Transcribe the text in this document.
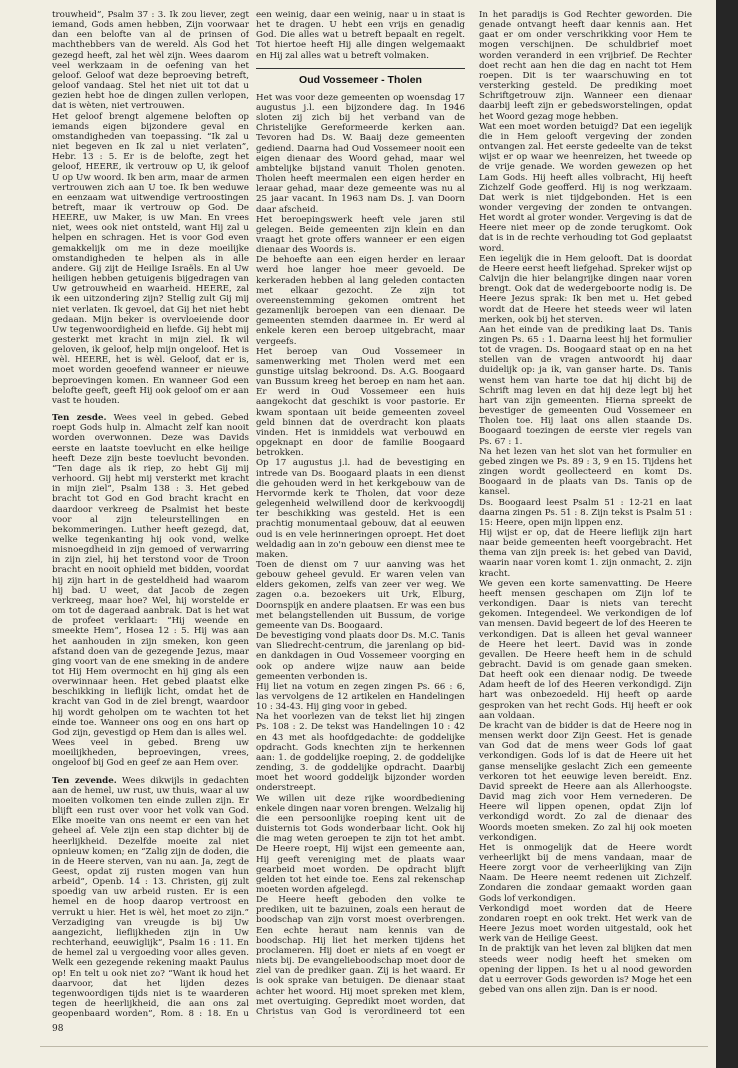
trouwheid”, Psalm 37 : 3. Ik zou liever, zegt iemand, Gods amen hebben, Zijn voorwaar dan een belofte van al de prinsen of machthebbers van de wereld. Als God het gezegd heeft, zal het wèl zijn. Wees daarom veel werkzaam in de oefening van het geloof. Geloof wat deze beproeving betreft, geloof vandaag. Stel het niet uit tot dat u gezien hebt hoe de dingen zullen verlopen, dat is wèten, niet vertrouwen.

Het geloof brengt algemene beloften op iemands eigen bijzondere geval en omstandigheden van toepassing. “Ik zal u niet begeven en Ik zal u niet verlaten”, Hebr. 13 : 5. Er is de belofte, zegt het geloof, HEERE, ik vertrouw op U, ik geloof U op Uw woord. Ik ben arm, maar de armen vertrouwen zich aan U toe. Ik ben weduwe en eenzaam wat uitwendige vertroostingen betreft, maar ik vertrouw op God. De HEERE, uw Maker, is uw Man. En vrees niet, wees ook niet ontsteld, want Hij zal u helpen en schragen. Het is voor God even gemakkelijk om me in deze moeilijke omstandigheden te helpen als in alle andere. Gij zijt de Heilige Israëls. En al Uw heiligen hebben getuigenis bijgedragen van Uw getrouwheid en waarheid. HEERE, zal ik een uitzondering zijn? Stellig zult Gij mij niet verlaten. Ik gevoel, dat Gij het niet hebt gedaan. Mijn beker is overvloeiende door Uw tegenwoordigheid en liefde. Gij hebt mij gesterkt met kracht in mijn ziel. Ik wil geloven, ik geloof, help mijn ongeloof. Het is wèl. HEERE, het is wèl. Geloof, dat er is, moet worden geoefend wanneer er nieuwe beproevingen komen. En wanneer God een belofte geeft, geeft Hij ook geloof om er aan vast te houden.

Ten zesde. Wees veel in gebed. Gebed roept Gods hulp in. Almacht zelf kan nooit worden overwonnen. Deze was Davids eerste en laatste toevlucht en elke heilige heeft Deze zijn beste toevlucht bevonden. “Ten dage als ik riep, zo hebt Gij mij verhoord. Gij hebt mij versterkt met kracht in mijn ziel”, Psalm 138 : 3. Het gebed bracht tot God en God bracht kracht en daardoor verkreeg de Psalmist het beste voor al zijn teleurstellingen en bekommeringen. Luther heeft gezegd, dat, welke tegenkanting hij ook vond, welke misnoegdheid in zijn gemoed of verwarring in zijn ziel, hij het terstond voor de Troon bracht en nooit ophield met bidden, voordat hij zijn hart in de gesteldheid had waarom hij bad. U weet, dat Jacob de zegen verkreeg, maar hoe? Wel, hij worstelde er om tot de dageraad aanbrak. Dat is het wat de profeet verklaart: “Hij weende en smeekte Hem”, Hosea 12 : 5. Hij was aan het aanhouden in zijn smeken, kon geen afstand doen van de gezegende Jezus, maar ging voort van de ene smeking in de andere tot Hij Hem overmocht en hij ging als een overwinnaar heen. Het gebed plaatst elke beschikking in lieflijk licht, omdat het de kracht van God in de ziel brengt, waardoor hij wordt geholpen om te wachten tot het einde toe. Wanneer ons oog en ons hart op God zijn, gevestigd op Hem dan is alles wel.

Wees veel in gebed. Breng uw moeilijkheden, beproevingen, vrees, ongeloof bij God en geef ze aan Hem over.

Ten zevende. Wees dikwijls in gedachten aan de hemel, uw rust, uw thuis, waar al uw moeiten volkomen ten einde zullen zijn. Er blijft een rust over voor het volk van God. Elke moeite van ons neemt er een van het geheel af. Vele zijn een stap dichter bij de heerlijkheid. Dezelfde moeite zal niet opnieuw komen; en “Zalig zijn de doden, die in de Heere sterven, van nu aan. Ja, zegt de Geest, opdat zij rusten mogen van hun arbeid”, Openb. 14 : 13. Christen, gij zult spoedig van uw arbeid rusten. Er is een hemel en de hoop daarop vertroost en verrukt u hier. Het is wèl, het moet zo zijn.” Verzadiging van vreugde is bij Uw aangezicht, lieflijkheden zijn in Uw rechterhand, eeuwiglijk”, Psalm 16 : 11. En de hemel zal u vergoeding voor alles geven. Welk een gezegende rekening maakt Paulus op! En telt u ook niet zo? “Want ik houd het daarvoor, dat het lijden dezes tegenwoordigen tijds niet is te waarderen tegen de heerlijkheid, die aan ons zal geopenbaard worden”, Rom. 8 : 18. En u

een weinig, daar een weinig, naar u in staat is het te dragen. U hebt een vrijs en genadig God. Die alles wat u betreft bepaalt en regelt. Tot hiertoe heeft Hij alle dingen welgemaakt en Hij zal alles wat u betreft volmaken.

Oud Vossemeer - Tholen

Het was voor deze gemeenten op woensdag 17 augustus j.l. een bijzondere dag. In 1946 sloten zij zich bij het verband van de Christelijke Gereformeerde kerken aan. Tevoren had Ds. W. Baaij deze gemeenten gediend. Daarna had Oud Vossemeer nooit een eigen dienaar des Woord gehad, maar wel ambtelijke bijstand vanuit Tholen genoten. Tholen heeft meermalen een eigen herder en leraar gehad, maar deze gemeente was nu al 25 jaar vacant. In 1963 nam Ds. J. van Doorn daar afscheid.

Het beroepingswerk heeft vele jaren stil gelegen. Beide gemeenten zijn klein en dan vraagt het grote offers wanneer er een eigen dienaar des Woords is.

De behoefte aan een eigen herder en leraar werd hoe langer hoe meer gevoeld. De kerkeraden hebben al lang geleden contacten met elkaar gezocht. Ze zijn tot overeenstemming gekomen omtrent het gezamenlijk beroepen van een dienaar. De gemeenten stemden daarmee in. Er werd al enkele keren een beroep uitgebracht, maar vergeefs.

Het beroep van Oud Vossemeer in samenwerking met Tholen werd met een gunstige uitslag bekroond. Ds. A.G. Boogaard van Bussum kreeg het beroep en nam het aan. Er werd in Oud Vossemeer een huis aangekocht dat geschikt is voor pastorie. Er kwam spontaan uit beide gemeenten zoveel geld binnen dat de overdracht kon plaats vinden. Het is inmiddels wat verbouwd en opgeknapt en door de familie Boogaard betrokken.

Op 17 augustus j.l. had de bevestiging en intrede van Ds. Boogaard plaats in een dienst die gehouden werd in het kerkgebouw van de Hervormde kerk te Tholen, dat voor deze gelegenheid welwillend door de kerkvoogdij ter beschikking was gesteld. Het is een prachtig monumentaal gebouw, dat al eeuwen oud is en vele herinneringen oproept. Het doet weldadig aan in zo'n gebouw een dienst mee te maken.

Toen de dienst om 7 uur aanving was het gebouw geheel gevuld. Er waren velen van elders gekomen, zelfs van zeer ver weg. We zagen o.a. bezoekers uit Urk, Elburg, Doornspijk en andere plaatsen. Er was een bus met belangstellenden uit Bussum, de vorige gemeente van Ds. Boogaard.

De bevestiging vond plaats door Ds. M.C. Tanis van Sliedrecht-centrum, die jarenlang op bid- en dankdagen in Oud Vossemeer voorging en ook op andere wijze nauw aan beide gemeenten verbonden is.

Hij liet na votum en zegen zingen Ps. 66 : 6, las vervolgens de 12 artikelen en Handelingen 10 : 34-43. Hij ging voor in gebed.

Na het voorlezen van de tekst liet hij zingen Ps. 108 : 2. De tekst was Handelingen 10 : 42 en 43 met als hoofdgedachte: de goddelijke opdracht. Gods knechten zijn te herkennen aan: 1. de goddelijke roeping, 2. de goddelijke zending, 3. de goddelijke opdracht. Daarbij moet het woord goddelijk bijzonder worden onderstreept.

We willen uit deze rijke woordbediening enkele dingen naar voren brengen. Welzalig hij die een persoonlijke roeping kent uit de duisternis tot Gods wonderbaar licht. Ook hij die mag weten geroepen te zijn tot het ambt. De Heere roept, Hij wijst een gemeente aan, Hij geeft vereniging met de plaats waar gearbeid moet worden. De opdracht blijft gelden tot het einde toe. Eens zal rekenschap moeten worden afgelegd.

De Heere heeft geboden den volke te prediken, uit te bazuinen, zoals een heraut de boodschap van zijn vorst moest overbrengen. Een echte heraut nam kennis van de boodschap. Hij liet het merken tijdens het proclameren. Hij doet er niets af en voegt er niets bij. De evangelieboodschap moet door de ziel van de prediker gaan. Zij is het waard. Er is ook sprake van betuigen. De dienaar staat achter het woord. Hij moet spreken met klem, met overtuiging. Gepredikt moet worden, dat Christus van God is verordineerd tot een

In het paradijs is God Rechter geworden. Die genade ontvangt heeft daar kennis aan. Het gaat er om onder verschrikking voor Hem te mogen verschijnen. De schuldbrief moet worden veranderd in een vrijbrief. De Rechter doet recht aan hen die dag en nacht tot Hem roepen. Dit is ter waarschuwing en tot versterking gesteld. De prediking moet Schriftgetrouw zijn. Wanneer een dienaar daarbij leeft zijn er gebedsworstelingen, opdat het Woord gezag moge hebben.

Wat een moet worden betuigd? Dat een iegelijk die in Hem gelooft vergeving der zonden ontvangen zal. Het eerste gedeelte van de tekst wijst er op waar we heenreizen, het tweede op de vrije genade. We worden gewezen op het Lam Gods. Hij heeft alles volbracht, Hij heeft Zichzelf Gode geofferd. Hij is nog werkzaam. Dat werk is niet tijdgebonden. Het is een wonder vergeving der zonden te ontvangen. Het wordt al groter wonder. Vergeving is dat de Heere niet meer op de zonde terugkomt. Ook dat is in de rechte verhouding tot God geplaatst word.

Een iegelijk die in Hem gelooft. Dat is doordat de Heere eerst heeft liefgehad. Spreker wijst op Calvijn die hier belangrijke dingen naar voren brengt. Ook dat de wedergeboorte nodig is. De Heere Jezus sprak: Ik ben met u. Het gebed wordt dat de Heere het steeds weer wil laten merken, ook bij het sterven.

Aan het einde van de prediking laat Ds. Tanis zingen Ps. 65 : 1. Daarna leest hij het formulier tot de vragen. Ds. Boogaard staat op en na het stellen van de vragen antwoordt hij daar duidelijk op: ja ik, van ganser harte. Ds. Tanis wenst hem van harte toe dat hij dicht bij de Schrift mag leven en dat hij deze legt bij het hart van zijn gemeenten. Hierna spreekt de bevestiger de gemeenten Oud Vossemeer en Tholen toe. Hij laat ons allen staande Ds. Boogaard toezingen de eerste vier regels van Ps. 67 : 1.

Na het lezen van het slot van het formulier en gebed zingen we Ps. 89 : 3, 9 en 15. Tijdens het zingen wordt geollecteerd en komt Ds. Boogaard in de plaats van Ds. Tanis op de kansel.

Ds. Boogaard leest Psalm 51 : 12-21 en laat daarna zingen Ps. 51 : 8. Zijn tekst is Psalm 51 : 15: Heere, open mijn lippen enz.

Hij wijst er op, dat de Heere lieflijk zijn hart naar beide gemeenten heeft voorgebracht. Het thema van zijn preek is: het gebed van David, waarin naar voren komt 1. zijn onmacht, 2. zijn kracht.

We geven een korte samenvatting. De Heere heeft mensen geschapen om Zijn lof te verkondigen. Daar is niets van terecht gekomen. Integendeel. We verkondigen de lof van mensen. David begeert de lof des Heeren te verkondigen. Dat is alleen het geval wanneer de Heere het leert. David was in zonde gevallen. De Heere heeft hem in de schuld gebracht. David is om genade gaan smeken. Dat heeft ook een dienaar nodig. De tweede Adam heeft de lof des Heeren verkondigd. Zijn hart was onbezoedeld. Hij heeft op aarde gesproken van het recht Gods. Hij heeft er ook aan voldaan.

De kracht van de bidder is dat de Heere nog in mensen werkt door Zijn Geest. Het is genade van God dat de mens weer Gods lof gaat verkondigen. Gods lof is dat de Heere uit het ganse menselijke geslacht Zich een gemeente verkoren tot het eeuwige leven bereidt. Enz. David spreekt de Heere aan als Allerhoogste. David mag zich voor Hem vernederen. De Heere wil lippen openen, opdat Zijn lof verkondigd wordt. Zo zal de dienaar des Woords moeten smeken. Zo zal hij ook moeten verkondigen.

Het is onmogelijk dat de Heere wordt verheerlijkt bij de mens vandaan, maar de Heere zorgt voor de verheerlijking van Zijn Naam. De Heere neemt redenen uit Zichzelf. Zondaren die zondaar gemaakt worden gaan Gods lof verkondigen.

Verkondigd moet worden dat de Heere zondaren roept en ook trekt. Het werk van de Heere Jezus moet worden uitgestald, ook het werk van de Heilige Geest.

In de praktijk van het leven zal blijken dat men steeds weer nodig heeft het smeken om opening der lippen. Is het u al nood geworden dat u eerrover Gods geworden is? Moge het een gebed van ons allen zijn. Dan is er nood.

98
